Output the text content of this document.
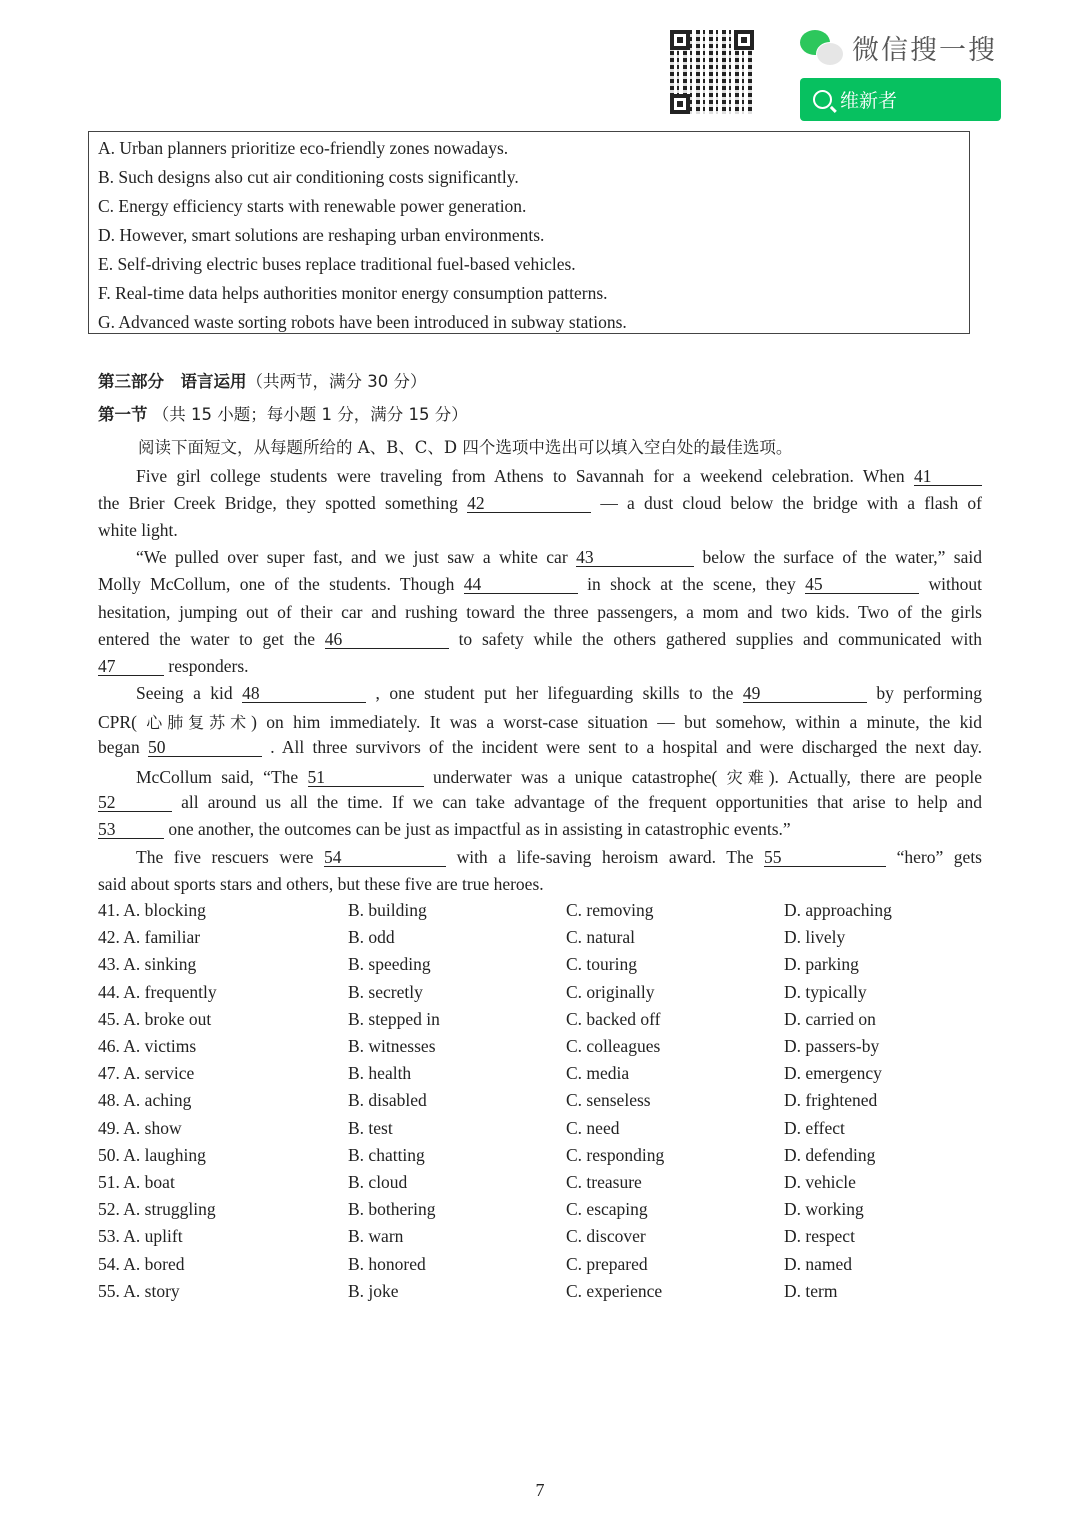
微信搜一搜
维新者
A. Urban planners prioritize eco-friendly zones nowadays.
B. Such designs also cut air conditioning costs significantly.
C. Energy efficiency starts with renewable power generation.
D. However, smart solutions are reshaping urban environments.
E. Self-driving electric buses replace traditional fuel-based vehicles.
F. Real-time data helps authorities monitor energy consumption patterns.
G. Advanced waste sorting robots have been introduced in subway stations.
第三部分　语言运用（共两节，满分 30 分）
第一节 （共 15 小题；每小题 1 分，满分 15 分）
阅读下面短文，从每题所给的 A、B、C、D 四个选项中选出可以填入空白处的最佳选项。
Five girl college students were traveling from Athens to Savannah for a weekend celebration. When 41
the Brier Creek Bridge, they spotted something 42	— a dust cloud below the bridge with a flash of
white light.
“We pulled over super fast, and we just saw a white car 43	below the surface of the water,” said
Molly McCollum, one of the students. Though 44	in shock at the scene, they 45	without
hesitation, jumping out of their car and rushing toward the three passengers, a mom and two kids. Two of the girls
entered the water to get the 46	to safety while the others gathered supplies and communicated with
47	responders.
Seeing a kid 48	, one student put her lifeguarding skills to the 49	by performing
CPR( 心肺复苏术) on him immediately. It was a worst-case situation — but somehow, within a minute, the kid
began 50	. All three survivors of the incident were sent to a hospital and were discharged the next day.
McCollum said, “The 51	underwater was a unique catastrophe( 灾难). Actually, there are people
52	all around us all the time. If we can take advantage of the frequent opportunities that arise to help and
53	one another, the outcomes can be just as impactful as in assisting in catastrophic events.”
The five rescuers were 54	with a life-saving heroism award. The 55	“hero” gets
said about sports stars and others, but these five are true heroes.
41. A. blocking	B. building	C. removing	D. approaching
42. A. familiar	B. odd	C. natural	D. lively
43. A. sinking	B. speeding	C. touring	D. parking
44. A. frequently	B. secretly	C. originally	D. typically
45. A. broke out	B. stepped in	C. backed off	D. carried on
46. A. victims	B. witnesses	C. colleagues	D. passers-by
47. A. service	B. health	C. media	D. emergency
48. A. aching	B. disabled	C. senseless	D. frightened
49. A. show	B. test	C. need	D. effect
50. A. laughing	B. chatting	C. responding	D. defending
51. A. boat	B. cloud	C. treasure	D. vehicle
52. A. struggling	B. bothering	C. escaping	D. working
53. A. uplift	B. warn	C. discover	D. respect
54. A. bored	B. honored	C. prepared	D. named
55. A. story	B. joke	C. experience	D. term
7
